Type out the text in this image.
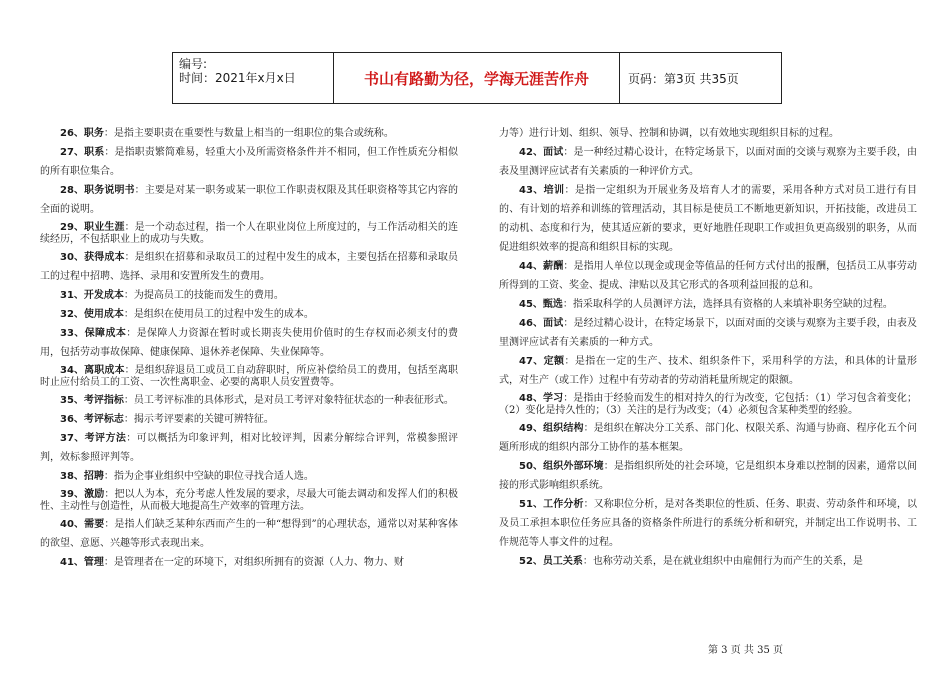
编号:
时间：2021年x月x日	书山有路勤为径，学海无涯苦作舟	页码：第3页 共35页

26、职务：是指主要职责在重要性与数量上相当的一组职位的集合或统称。

27、职系：是指职责繁简难易，轻重大小及所需资格条件并不相同，但工作性质充分相似的所有职位集合。

28、职务说明书：主要是对某一职务或某一职位工作职责权限及其任职资格等其它内容的全面的说明。

29、职业生涯：是一个动态过程，指一个人在职业岗位上所度过的，与工作活动相关的连续经历，不包括职业上的成功与失败。

30、获得成本：是组织在招募和录取员工的过程中发生的成本，主要包括在招募和录取员工的过程中招聘、选择、录用和安置所发生的费用。

31、开发成本：为提高员工的技能而发生的费用。

32、使用成本：是组织在使用员工的过程中发生的成本。

33、保障成本：是保障人力资源在暂时或长期丧失使用价值时的生存权而必须支付的费用，包括劳动事故保障、健康保障、退休养老保障、失业保障等。

34、离职成本：是组织辞退员工或员工自动辞职时，所应补偿给员工的费用，包括至离职时止应付给员工的工资、一次性离职金、必要的离职人员安置费等。

35、考评指标：员工考评标准的具体形式，是对员工考评对象特征状态的一种表征形式。

36、考评标志：揭示考评要素的关键可辨特征。

37、考评方法：可以概括为印象评判，相对比较评判，因素分解综合评判，常模参照评判，效标参照评判等。

38、招聘：指为企事业组织中空缺的职位寻找合适人选。

39、激励：把以人为本，充分考虑人性发展的要求，尽最大可能去调动和发挥人们的积极性、主动性与创造性，从而极大地提高生产效率的管理方法。

40、需要：是指人们缺乏某种东西而产生的一种“想得到”的心理状态，通常以对某种客体的欲望、意愿、兴趣等形式表现出来。

41、管理：是管理者在一定的环境下，对组织所拥有的资源（人力、物力、财

力等）进行计划、组织、领导、控制和协调，以有效地实现组织目标的过程。

42、面试：是一种经过精心设计，在特定场景下，以面对面的交谈与观察为主要手段，由表及里测评应试者有关素质的一种评价方式。

43、培训：是指一定组织为开展业务及培育人才的需要，采用各种方式对员工进行有目的、有计划的培养和训练的管理活动，其目标是使员工不断地更新知识，开拓技能，改进员工的动机、态度和行为，使其适应新的要求，更好地胜任现职工作或担负更高级别的职务，从而促进组织效率的提高和组织目标的实现。

44、薪酬：是指用人单位以现金或现金等值品的任何方式付出的报酬，包括员工从事劳动所得到的工资、奖金、提成、津贴以及其它形式的各项利益回报的总和。

45、甄选：指采取科学的人员测评方法，选择具有资格的人来填补职务空缺的过程。

46、面试：是经过精心设计，在特定场景下，以面对面的交谈与观察为主要手段，由表及里测评应试者有关素质的一种方式。

47、定额：是指在一定的生产、技术、组织条件下，采用科学的方法，和具体的计量形式，对生产（或工作）过程中有劳动者的劳动消耗量所规定的限额。

48、学习：是指由于经验而发生的相对持久的行为改变，它包括：（1）学习包含着变化；（2）变化是持久性的；（3）关注的是行为改变；（4）必须包含某种类型的经验。

49、组织结构：是组织在解决分工关系、部门化、权限关系、沟通与协商、程序化五个问题所形成的组织内部分工协作的基本框架。

50、组织外部环境：是指组织所处的社会环境，它是组织本身难以控制的因素，通常以间接的形式影响组织系统。

51、工作分析：又称职位分析，是对各类职位的性质、任务、职责、劳动条件和环境，以及员工承担本职位任务应具备的资格条件所进行的系统分析和研究，并制定出工作说明书、工作规范等人事文件的过程。

52、员工关系：也称劳动关系，是在就业组织中由雇佣行为而产生的关系，是

第 3 页 共 35 页
